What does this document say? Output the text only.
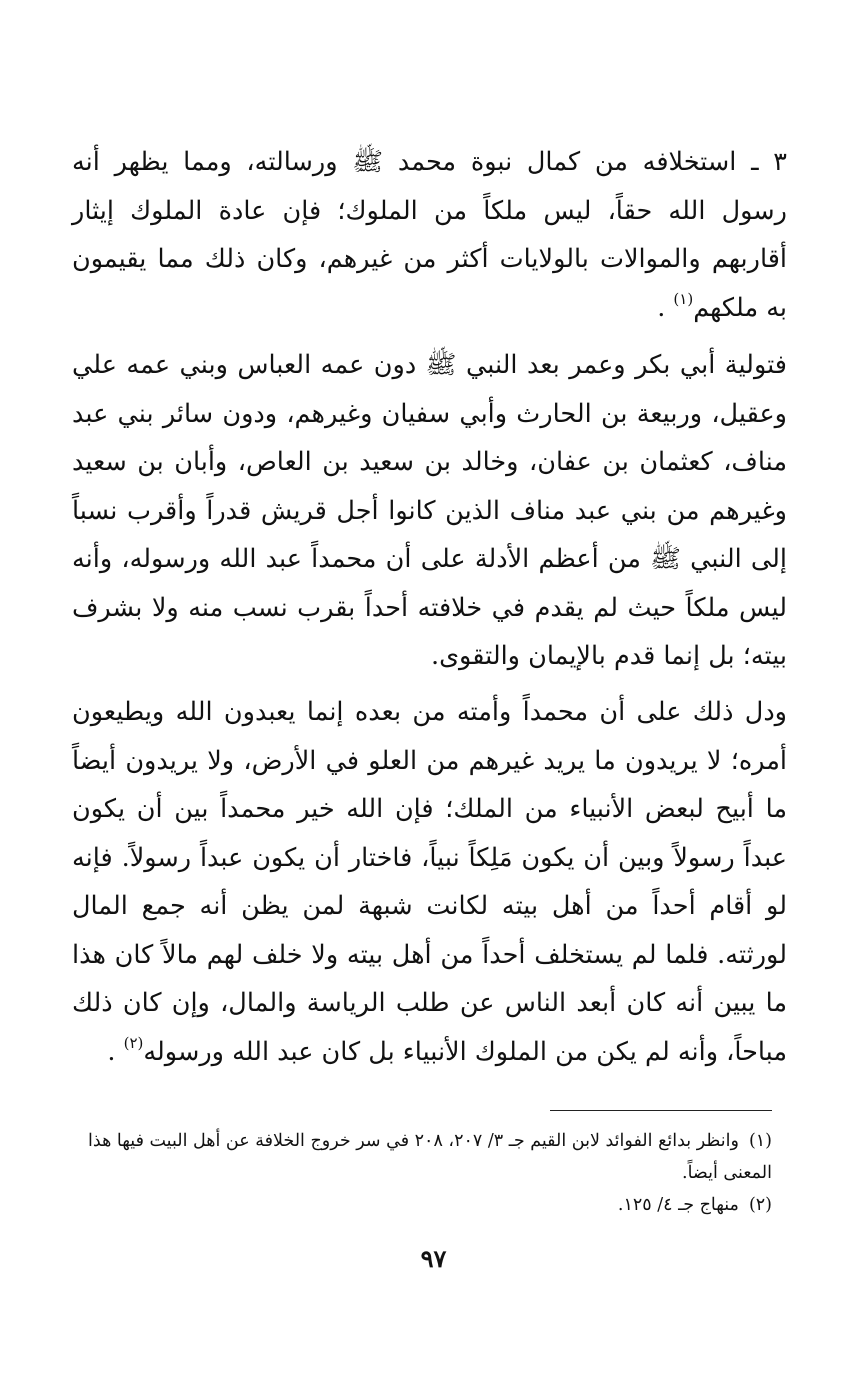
٣ ـ استخلافه من كمال نبوة محمد ﷺ ورسالته، ومما يظهر أنه رسول الله حقاً، ليس ملكاً من الملوك؛ فإن عادة الملوك إيثار أقاربهم والموالات بالولايات أكثر من غيرهم، وكان ذلك مما يقيمون به ملكهم$^{(١)}$ .

فتولية أبي بكر وعمر بعد النبي ﷺ دون عمه العباس وبني عمه علي وعقيل، وربيعة بن الحارث وأبي سفيان وغيرهم، ودون سائر بني عبد مناف، كعثمان بن عفان، وخالد بن سعيد بن العاص، وأبان بن سعيد وغيرهم من بني عبد مناف الذين كانوا أجل قريش قدراً وأقرب نسباً إلى النبي ﷺ من أعظم الأدلة على أن محمداً عبد الله ورسوله، وأنه ليس ملكاً حيث لم يقدم في خلافته أحداً بقرب نسب منه ولا بشرف بيته؛ بل إنما قدم بالإيمان والتقوى.

ودل ذلك على أن محمداً وأمته من بعده إنما يعبدون الله ويطيعون أمره؛ لا يريدون ما يريد غيرهم من العلو في الأرض، ولا يريدون أيضاً ما أبيح لبعض الأنبياء من الملك؛ فإن الله خير محمداً بين أن يكون عبداً رسولاً وبين أن يكون مَلِكاً نبياً، فاختار أن يكون عبداً رسولاً. فإنه لو أقام أحداً من أهل بيته لكانت شبهة لمن يظن أنه جمع المال لورثته. فلما لم يستخلف أحداً من أهل بيته ولا خلف لهم مالاً كان هذا ما يبين أنه كان أبعد الناس عن طلب الرياسة والمال، وإن كان ذلك مباحاً، وأنه لم يكن من الملوك الأنبياء بل كان عبد الله ورسوله$^{(٢)}$ .

(١)وانظر بدائع الفوائد لابن القيم جـ ٣/ ٢٠٧، ٢٠٨ في سر خروج الخلافة عن أهل البيت فيها هذا المعنى أيضاً.

(٢)منهاج جـ ٤/ ١٢٥.

٩٧
